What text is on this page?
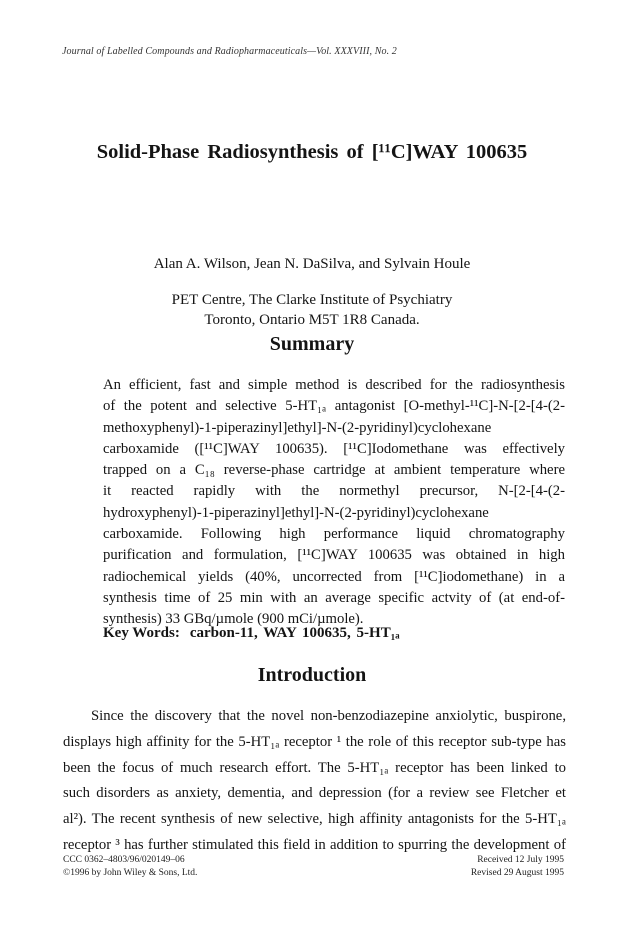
Journal of Labelled Compounds and Radiopharmaceuticals—Vol. XXXVIII, No. 2
Solid-Phase Radiosynthesis of [¹¹C]WAY 100635
Alan A. Wilson, Jean N. DaSilva, and Sylvain Houle
PET Centre, The Clarke Institute of Psychiatry
Toronto, Ontario M5T 1R8 Canada.
Summary
An efficient, fast and simple method is described for the radiosynthesis
of the potent and selective 5-HT₁ₐ antagonist [O-methyl-¹¹C]-N-[2-[4-(2-
methoxyphenyl)-1-piperazinyl]ethyl]-N-(2-pyridinyl)cyclohexane
carboxamide ([¹¹C]WAY 100635). [¹¹C]Iodomethane was effectively
trapped on a C₁₈ reverse-phase cartridge at ambient temperature where
it reacted rapidly with the normethyl precursor, N-[2-[4-(2-
hydroxyphenyl)-1-piperazinyl]ethyl]-N-(2-pyridinyl)cyclohexane
carboxamide. Following high performance liquid chromatography
purification and formulation, [¹¹C]WAY 100635 was obtained in high
radiochemical yields (40%, uncorrected from [¹¹C]iodomethane) in a
synthesis time of 25 min with an average specific actvity of (at end-of-
synthesis) 33 GBq/µmole (900 mCi/µmole).
Key Words: carbon-11, WAY 100635, 5-HT₁ₐ
Introduction
Since the discovery that the novel non-benzodiazepine anxiolytic, buspirone,
displays high affinity for the 5-HT₁ₐ receptor ¹ the role of this receptor sub-type has
been the focus of much research effort. The 5-HT₁ₐ receptor has been linked to
such disorders as anxiety, dementia, and depression (for a review see Fletcher et
al²). The recent synthesis of new selective, high affinity antagonists for the 5-HT₁ₐ
receptor ³ has further stimulated this field in addition to spurring the development of
CCC 0362–4803/96/020149–06
©1996 by John Wiley & Sons, Ltd.
Received 12 July 1995
Revised 29 August 1995
